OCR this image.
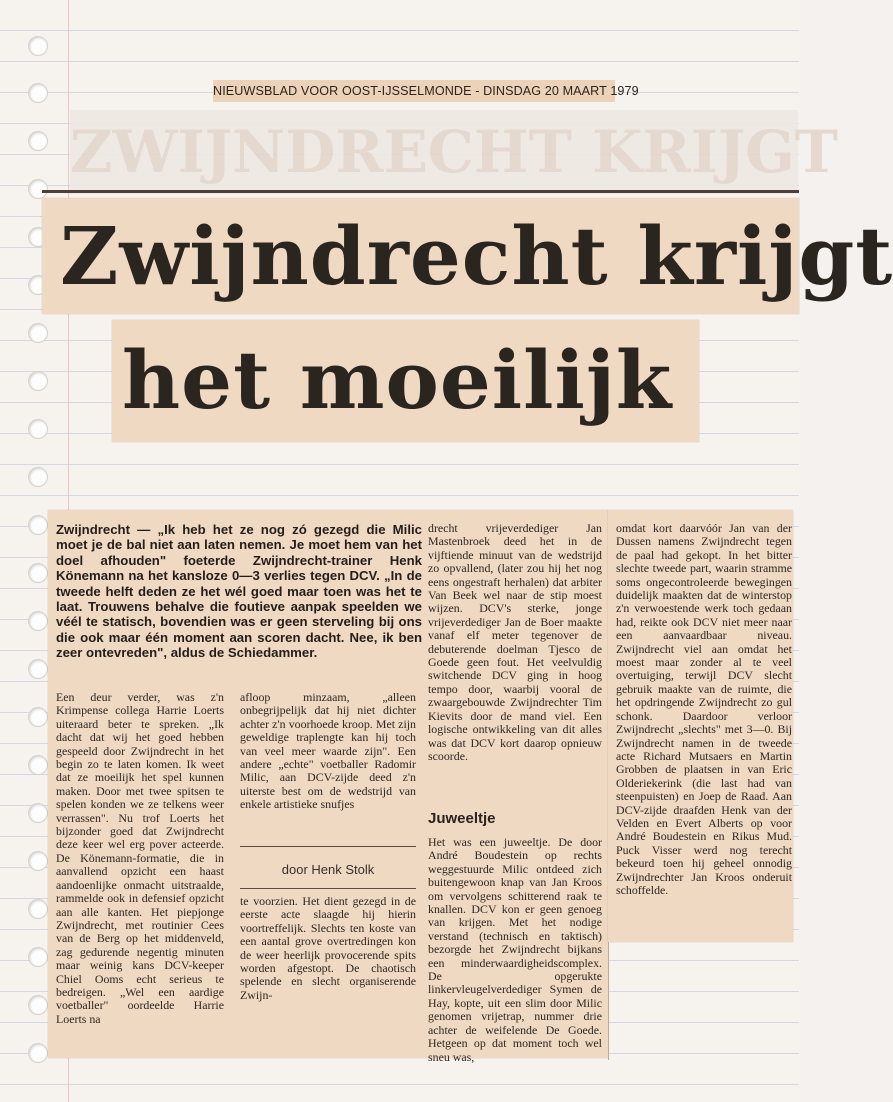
ZWIJNDRECHT KRIJGT
NIEUWSBLAD VOOR OOST-IJSSELMONDE - DINSDAG 20 MAART 1979
Zwijndrecht krijgt
het moeilijk
Zwijndrecht — „Ik heb het ze nog zó gezegd die Milic moet je de bal niet aan laten nemen. Je moet hem van het doel afhouden" foeterde Zwijndrecht-trainer Henk Könemann na het kansloze 0—3 verlies tegen DCV. „In de tweede helft deden ze het wél goed maar toen was het te laat. Trouwens behalve die foutieve aanpak speelden we véél te statisch, bovendien was er geen sterveling bij ons die ook maar één moment aan scoren dacht. Nee, ik ben zeer ontevreden", aldus de Schiedammer.
Een deur verder, was z'n Krimpense collega Harrie Loerts uiteraard beter te spreken. „Ik dacht dat wij het goed hebben gespeeld door Zwijndrecht in het begin zo te laten komen. Ik weet dat ze moeilijk het spel kunnen maken. Door met twee spitsen te spelen konden we ze telkens weer verrassen". Nu trof Loerts het bijzonder goed dat Zwijndrecht deze keer wel erg pover acteerde. De Könemann-formatie, die in aanvallend opzicht een haast aandoenlijke onmacht uitstraalde, rammelde ook in defensief opzicht aan alle kanten. Het piepjonge Zwijndrecht, met routinier Cees van de Berg op het middenveld, zag gedurende negentig minuten maar weinig kans DCV-keeper Chiel Ooms echt serieus te bedreigen. „Wel een aardige voetballer" oordeelde Harrie Loerts na
afloop minzaam, „alleen onbegrijpelijk dat hij niet dichter achter z'n voorhoede kroop. Met zijn geweldige traplengte kan hij toch van veel meer waarde zijn". Een andere „echte" voetballer Radomir Milic, aan DCV-zijde deed z'n uiterste best om de wedstrijd van enkele artistieke snufjes
door Henk Stolk
te voorzien. Het dient gezegd in de eerste acte slaagde hij hierin voortreffelijk. Slechts ten koste van een aantal grove overtredingen kon de weer heerlijk provocerende spits worden afgestopt. De chaotisch spelende en slecht organiserende Zwijn-
drecht vrijeverdediger Jan Mastenbroek deed het in de vijftiende minuut van de wedstrijd zo opvallend, (later zou hij het nog eens ongestraft herhalen) dat arbiter Van Beek wel naar de stip moest wijzen. DCV's sterke, jonge vrijeverdediger Jan de Boer maakte vanaf elf meter tegenover de debuterende doelman Tjesco de Goede geen fout. Het veelvuldig switchende DCV ging in hoog tempo door, waarbij vooral de zwaargebouwde Zwijndrechter Tim Kievits door de mand viel. Een logische ontwikkeling van dit alles was dat DCV kort daarop opnieuw scoorde.
Juweeltje
Het was een juweeltje. De door André Boudestein op rechts weggestuurde Milic ontdeed zich buitengewoon knap van Jan Kroos om vervolgens schitterend raak te knallen. DCV kon er geen genoeg van krijgen. Met het nodige verstand (technisch en taktisch) bezorgde het Zwijndrecht bijkans een minderwaardigheidscomplex. De opgerukte linkervleugelverdediger Symen de Hay, kopte, uit een slim door Milic genomen vrijetrap, nummer drie achter de weifelende De Goede. Hetgeen op dat moment toch wel sneu was,
omdat kort daarvóór Jan van der Dussen namens Zwijndrecht tegen de paal had gekopt. In het bitter slechte tweede part, waarin stramme soms ongecontroleerde bewegingen duidelijk maakten dat de winterstop z'n verwoestende werk toch gedaan had, reikte ook DCV niet meer naar een aanvaardbaar niveau. Zwijndrecht viel aan omdat het moest maar zonder al te veel overtuiging, terwijl DCV slecht gebruik maakte van de ruimte, die het opdringende Zwijndrecht zo gul schonk. Daardoor verloor Zwijndrecht „slechts" met 3—0. Bij Zwijndrecht namen in de tweede acte Richard Mutsaers en Martin Grobben de plaatsen in van Eric Olderiekerink (die last had van steenpuisten) en Joep de Raad. Aan DCV-zijde draafden Henk van der Velden en Evert Alberts op voor André Boudestein en Rikus Mud. Puck Visser werd nog terecht bekeurd toen hij geheel onnodig Zwijndrechter Jan Kroos onderuit schoffelde.
